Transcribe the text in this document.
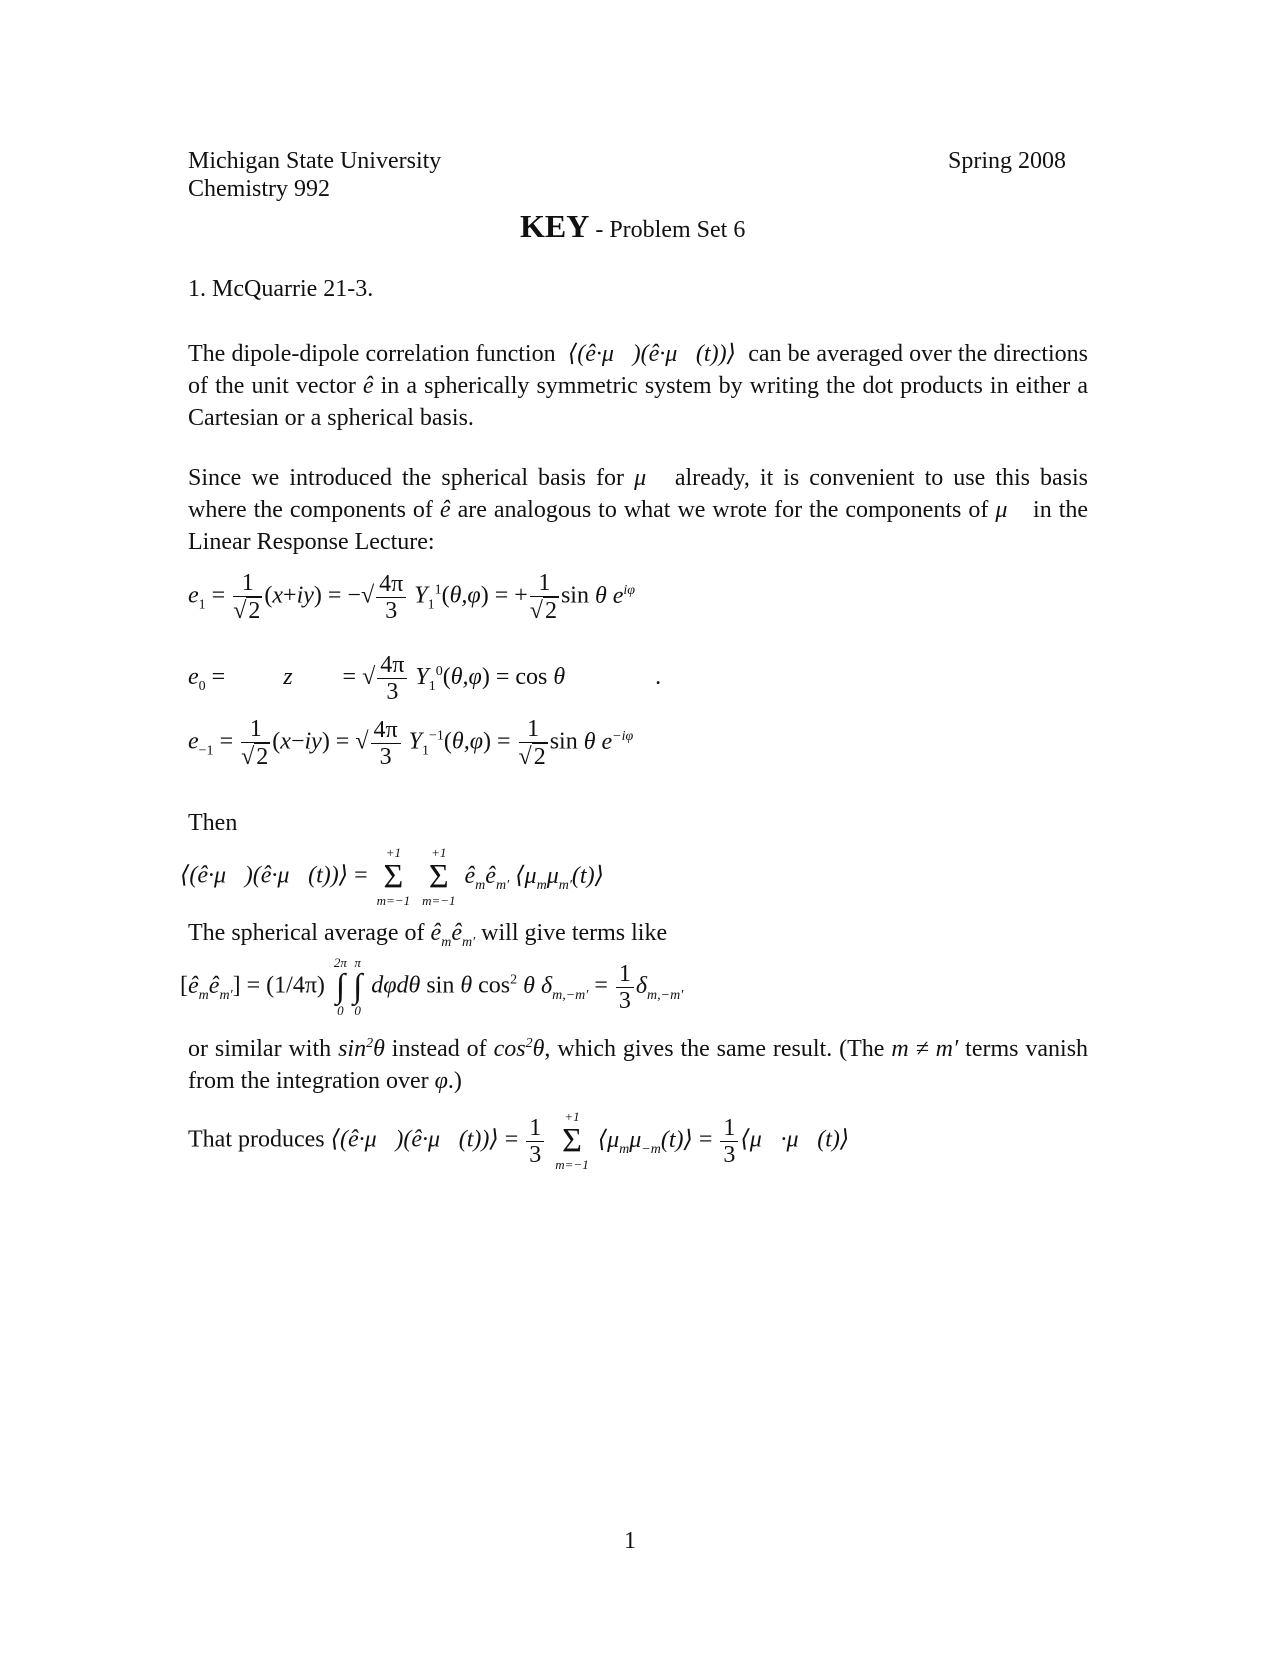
Michigan State University
Chemistry 992
Spring 2008
KEY - Problem Set 6
1. McQuarrie 21-3.
The dipole-dipole correlation function  ⟨(ê·μ⃗)(ê·μ⃗(t))⟩  can be averaged over the directions of the unit vector ê in a spherically symmetric system by writing the dot products in either a Cartesian or a spherical basis.
Since we introduced the spherical basis for μ⃗ already, it is convenient to use this basis where the components of ê are analogous to what we wrote for the components of μ⃗ in the Linear Response Lecture:
$e_1 = \frac{1}{√2} (x+iy)$ = −√ $\frac{4\pi}{3} Y_1^1(\theta,\varphi)$ = + $\frac{1}{√2}$ sin θ $e^{i\varphi}$
$e_0 = z$ = √ $\frac{4\pi}{3} Y_1^0(\theta,\varphi) = \cos \theta$	.
$e_{-1} = \frac{1}{√2} (x-iy)$ = √ $\frac{4\pi}{3} Y_1^{-1}(\theta,\varphi) = \frac{1}{√2}$ sin θ $e^{-i\varphi}$
Then
⟨(ê·μ⃗)(ê·μ⃗(t))⟩ =
+1
Σ
m=−1

+1
Σ
m=−1
$ê_mê_{m'}$ $⟨\mu_m\mu_{m'}(t)⟩$
The spherical average of $ê_mê_{m'}$ will give terms like
$[ê_mê_{m'}] = (1/4\pi)$
2π
∫
0
π
∫
0
dφdθ sin θ $\cos^2 \theta$ $\delta_{m,-m'} = \frac{1}{3} \delta_{m,-m'}$
or similar with $\sin^2\theta$ instead of $\cos^2\theta$, which gives the same result. (The m ≠ m′ terms vanish from the integration over φ.)
That produces ⟨(ê·μ⃗)(ê·μ⃗(t))⟩ = $\frac{1}{3}$
	+1
Σ
m=−1
$⟨\mu_m\mu_{-m}(t)⟩ = \frac{1}{3}$ ⟨μ⃗·μ⃗(t)⟩
1
